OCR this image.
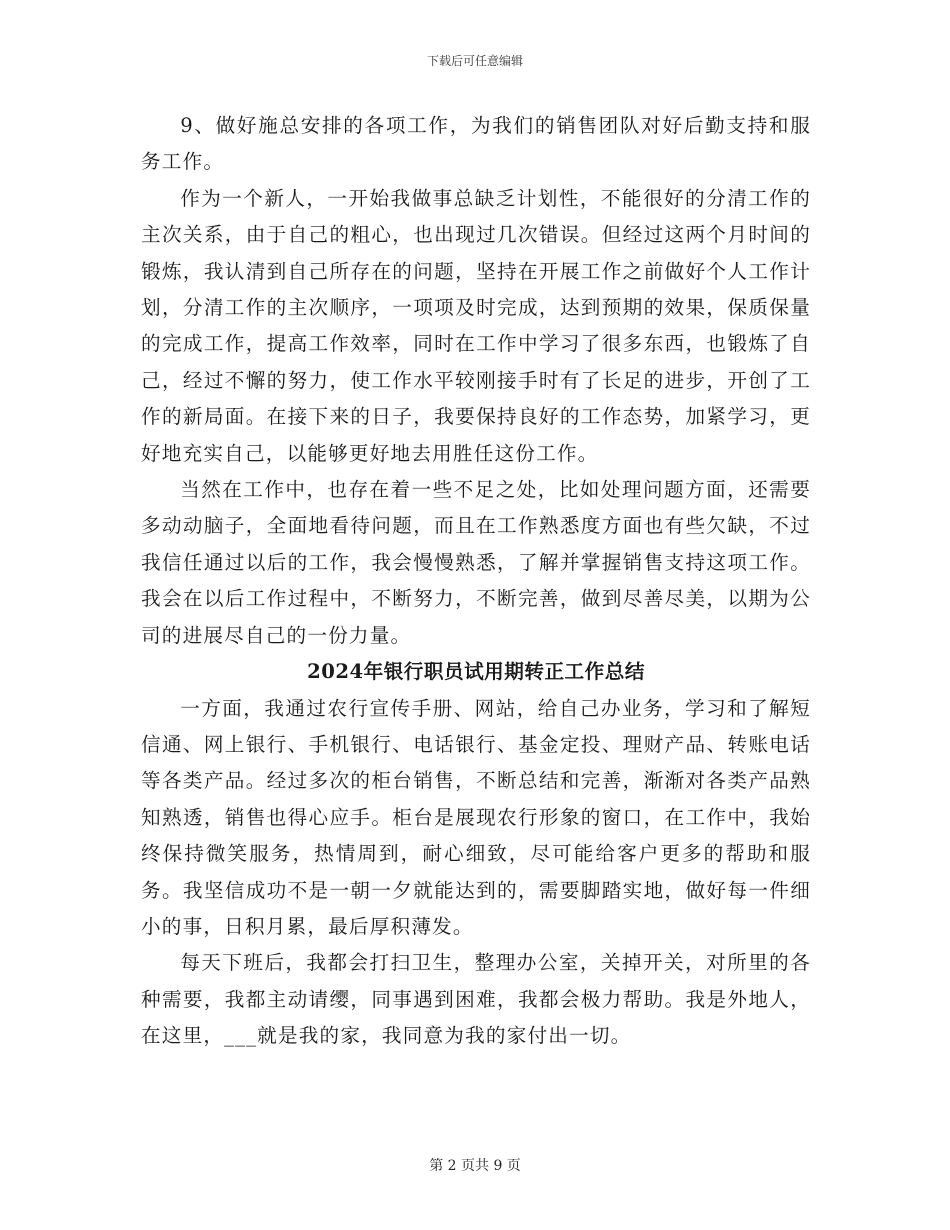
下载后可任意编辑

9、做好施总安排的各项工作，为我们的销售团队对好后勤支持和服务工作。

作为一个新人，一开始我做事总缺乏计划性，不能很好的分清工作的主次关系，由于自己的粗心，也出现过几次错误。但经过这两个月时间的锻炼，我认清到自己所存在的问题，坚持在开展工作之前做好个人工作计划，分清工作的主次顺序，一项项及时完成，达到预期的效果，保质保量的完成工作，提高工作效率，同时在工作中学习了很多东西，也锻炼了自己，经过不懈的努力，使工作水平较刚接手时有了长足的进步，开创了工作的新局面。在接下来的日子，我要保持良好的工作态势，加紧学习，更好地充实自己，以能够更好地去用胜任这份工作。

当然在工作中，也存在着一些不足之处，比如处理问题方面，还需要多动动脑子，全面地看待问题，而且在工作熟悉度方面也有些欠缺，不过我信任通过以后的工作，我会慢慢熟悉，了解并掌握销售支持这项工作。我会在以后工作过程中，不断努力，不断完善，做到尽善尽美，以期为公司的进展尽自己的一份力量。

2024年银行职员试用期转正工作总结

一方面，我通过农行宣传手册、网站，给自己办业务，学习和了解短信通、网上银行、手机银行、电话银行、基金定投、理财产品、转账电话等各类产品。经过多次的柜台销售，不断总结和完善，渐渐对各类产品熟知熟透，销售也得心应手。柜台是展现农行形象的窗口，在工作中，我始终保持微笑服务，热情周到，耐心细致，尽可能给客户更多的帮助和服务。我坚信成功不是一朝一夕就能达到的，需要脚踏实地，做好每一件细小的事，日积月累，最后厚积薄发。

每天下班后，我都会打扫卫生，整理办公室，关掉开关，对所里的各种需要，我都主动请缨，同事遇到困难，我都会极力帮助。我是外地人，在这里，___就是我的家，我同意为我的家付出一切。

第 2 页共 9 页
